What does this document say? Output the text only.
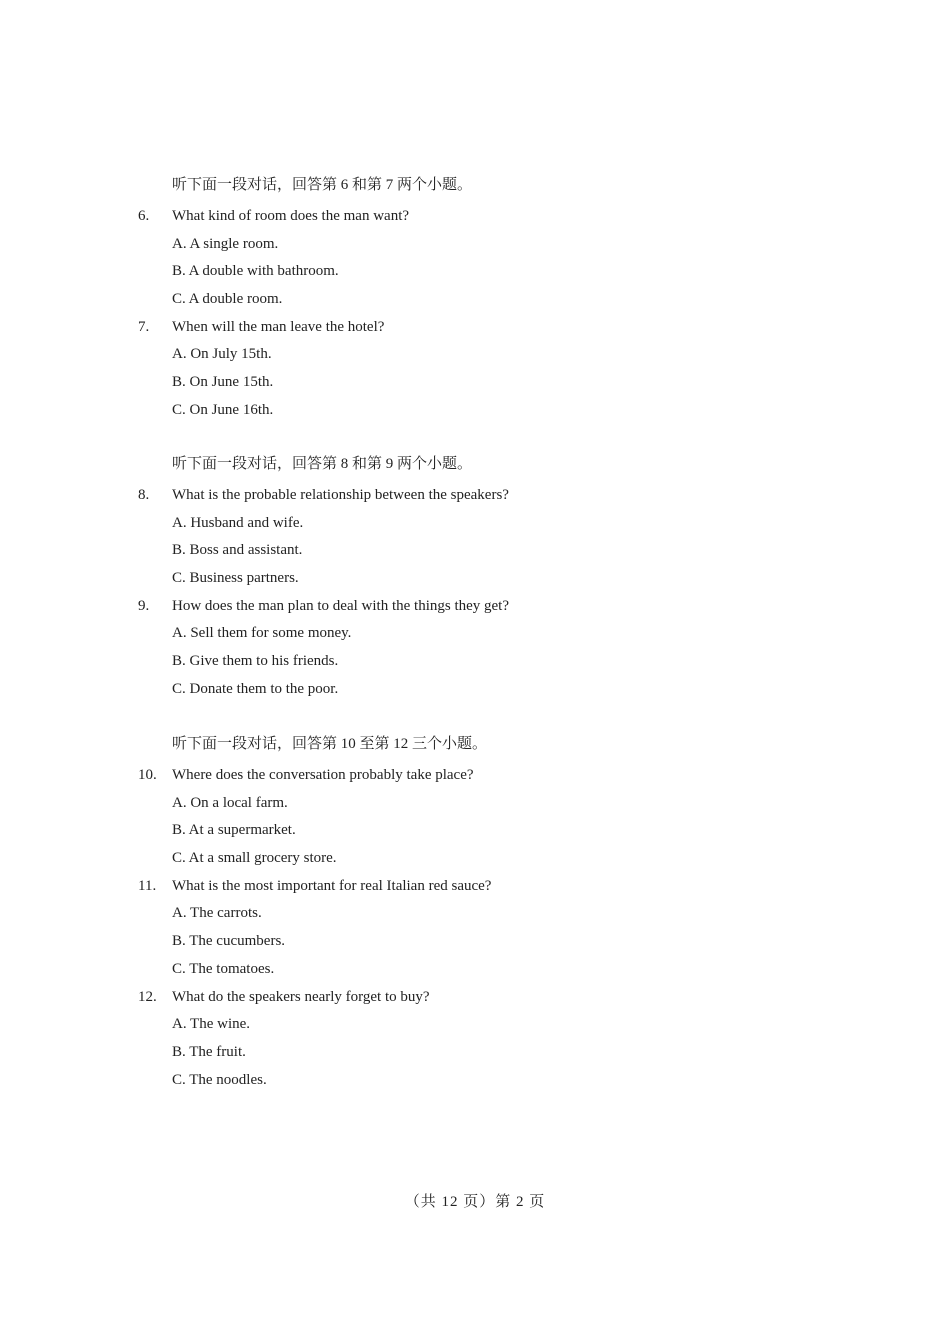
听下面一段对话，回答第 6 和第 7 两个小题。
6. What kind of room does the man want?
A. A single room.
B. A double with bathroom.
C. A double room.
7. When will the man leave the hotel?
A. On July 15th.
B. On June 15th.
C. On June 16th.
听下面一段对话，回答第 8 和第 9 两个小题。
8. What is the probable relationship between the speakers?
A. Husband and wife.
B. Boss and assistant.
C. Business partners.
9. How does the man plan to deal with the things they get?
A. Sell them for some money.
B. Give them to his friends.
C. Donate them to the poor.
听下面一段对话，回答第 10 至第 12 三个小题。
10. Where does the conversation probably take place?
A. On a local farm.
B. At a supermarket.
C. At a small grocery store.
11. What is the most important for real Italian red sauce?
A. The carrots.
B. The cucumbers.
C. The tomatoes.
12. What do the speakers nearly forget to buy?
A. The wine.
B. The fruit.
C. The noodles.
（共 12 页）第 2 页
